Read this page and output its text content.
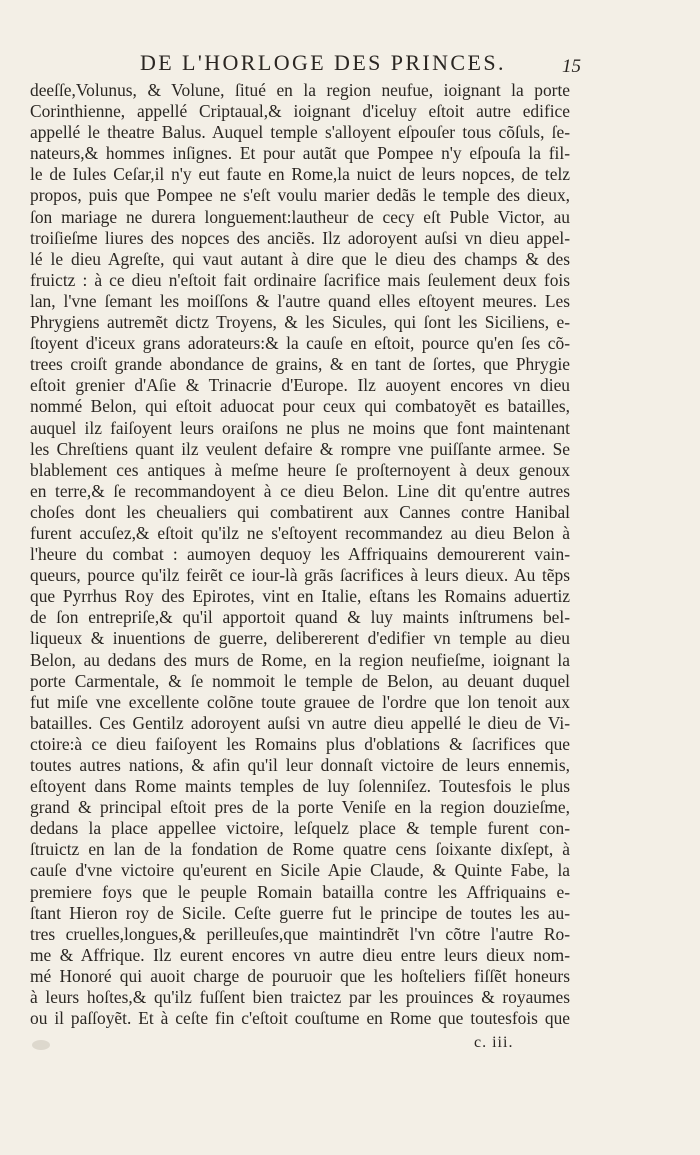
DE L'HORLOGE DES PRINCES.	15
deeſſe,Volunus, & Volune, ſitué en la region neufue, ioignant la porte
Corinthienne, appellé Criptaual,& ioignant d'iceluy eſtoit autre edifice
appellé le theatre Balus. Auquel temple s'alloyent eſpouſer tous cõſuls, ſe-
nateurs,& hommes inſignes. Et pour autãt que Pompee n'y eſpouſa la fil-
le de Iules Ceſar,il n'y eut faute en Rome,la nuict de leurs nopces, de telz
propos, puis que Pompee ne s'eſt voulu marier dedãs le temple des dieux,
ſon mariage ne durera longuement:lautheur de cecy eſt Puble Victor, au
troiſieſme liures des nopces des anciẽs. Ilz adoroyent auſsi vn dieu appel-
lé le dieu Agreſte, qui vaut autant à dire que le dieu des champs & des
fruictz : à ce dieu n'eſtoit fait ordinaire ſacrifice mais ſeulement deux fois
lan, l'vne ſemant les moiſſons & l'autre quand elles eſtoyent meures. Les
Phrygiens autremẽt dictz Troyens, & les Sicules, qui ſont les Siciliens, e-
ſtoyent d'iceux grans adorateurs:& la cauſe en eſtoit, pource qu'en ſes cõ-
trees croiſt grande abondance de grains, & en tant de ſortes, que Phrygie
eſtoit grenier d'Aſie & Trinacrie d'Europe. Ilz auoyent encores vn dieu
nommé Belon, qui eſtoit aduocat pour ceux qui combatoyẽt es batailles,
auquel ilz faiſoyent leurs oraiſons ne plus ne moins que font maintenant
les Chreſtiens quant ilz veulent defaire & rompre vne puiſſante armee. Se
blablement ces antiques à meſme heure ſe proſternoyent à deux genoux
en terre,& ſe recommandoyent à ce dieu Belon. Line dit qu'entre autres
choſes dont les cheualiers qui combatirent aux Cannes contre Hanibal
furent accuſez,& eſtoit qu'ilz ne s'eſtoyent recommandez au dieu Belon à
l'heure du combat : aumoyen dequoy les Affriquains demourerent vain-
queurs, pource qu'ilz feirẽt ce iour-là grãs ſacrifices à leurs dieux. Au tẽps
que Pyrrhus Roy des Epirotes, vint en Italie, eſtans les Romains aduertiz
de ſon entrepriſe,& qu'il apportoit quand & luy maints inſtrumens bel-
liqueux & inuentions de guerre, delibererent d'edifier vn temple au dieu
Belon, au dedans des murs de Rome, en la region neufieſme, ioignant la
porte Carmentale, & ſe nommoit le temple de Belon, au deuant duquel
fut miſe vne excellente colõne toute grauee de l'ordre que lon tenoit aux
batailles. Ces Gentilz adoroyent auſsi vn autre dieu appellé le dieu de Vi-
ctoire:à ce dieu faiſoyent les Romains plus d'oblations & ſacrifices que
toutes autres nations, & afin qu'il leur donnaſt victoire de leurs ennemis,
eſtoyent dans Rome maints temples de luy ſolenniſez. Toutesfois le plus
grand & principal eſtoit pres de la porte Veniſe en la region douzieſme,
dedans la place appellee victoire, leſquelz place & temple furent con-
ſtruictz en lan de la fondation de Rome quatre cens ſoixante dixſept, à
cauſe d'vne victoire qu'eurent en Sicile Apie Claude, & Quinte Fabe, la
premiere foys que le peuple Romain batailla contre les Affriquains e-
ſtant Hieron roy de Sicile. Ceſte guerre fut le principe de toutes les au-
tres cruelles,longues,& perilleuſes,que maintindrẽt l'vn cõtre l'autre Ro-
me & Affrique. Ilz eurent encores vn autre dieu entre leurs dieux nom-
mé Honoré qui auoit charge de pouruoir que les hoſteliers fiſſẽt honeurs
à leurs hoſtes,& qu'ilz fuſſent bien traictez par les prouinces & royaumes
ou il paſſoyẽt. Et à ceſte fin c'eſtoit couſtume en Rome que toutesfois que
c. iii.
